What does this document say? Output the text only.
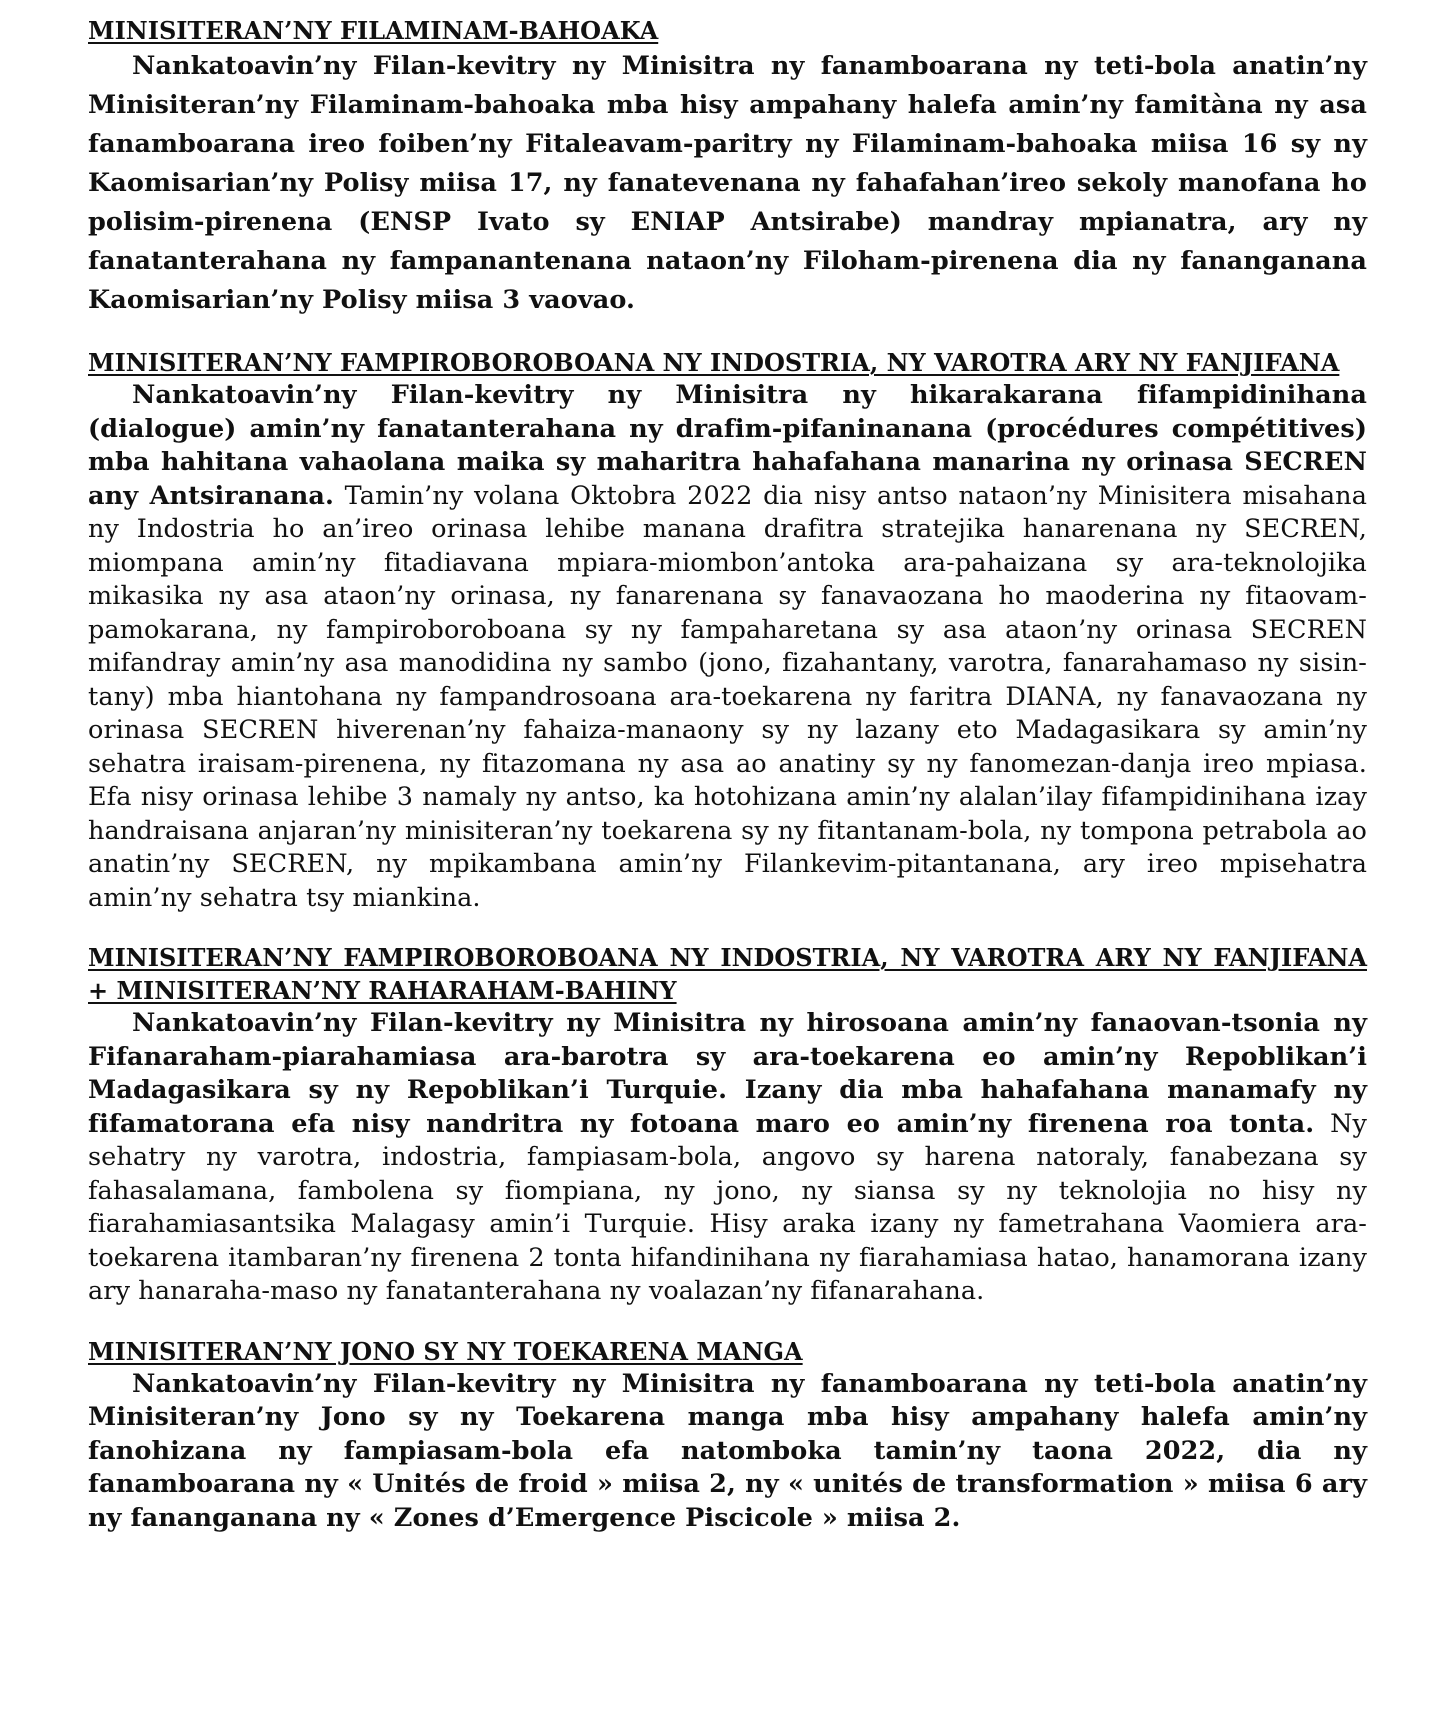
MINISITERAN’NY FILAMINAM-BAHOAKA

Nankatoavin’ny Filan-kevitry ny Minisitra ny fanamboarana ny teti-bola anatin’ny Minisiteran’ny Filaminam-bahoaka mba hisy ampahany halefa amin’ny famitàna ny asa fanamboarana ireo foiben’ny Fitaleavam-paritry ny Filaminam-bahoaka miisa 16 sy ny Kaomisarian’ny Polisy miisa 17, ny fanatevenana ny fahafahan’ireo sekoly manofana ho polisim-pirenena (ENSP Ivato sy ENIAP Antsirabe) mandray mpianatra, ary ny fanatanterahana ny fampanantenana nataon’ny Filoham-pirenena dia ny fananganana Kaomisarian’ny Polisy miisa 3 vaovao.

MINISITERAN’NY FAMPIROBOROBOANA NY INDOSTRIA, NY VAROTRA ARY NY FANJIFANA

Nankatoavin’ny Filan-kevitry ny Minisitra ny hikarakarana fifampidinihana (dialogue) amin’ny fanatanterahana ny drafim-pifaninanana (procédures compétitives) mba hahitana vahaolana maika sy maharitra hahafahana manarina ny orinasa SECREN any Antsiranana. Tamin’ny volana Oktobra 2022 dia nisy antso nataon’ny Minisitera misahana ny Indostria ho an’ireo orinasa lehibe manana drafitra stratejika hanarenana ny SECREN, miompana amin’ny fitadiavana mpiara-miombon’antoka ara-pahaizana sy ara-teknolojika mikasika ny asa ataon’ny orinasa, ny fanarenana sy fanavaozana ho maoderina ny fitaovam-pamokarana, ny fampiroboroboana sy ny fampaharetana sy asa ataon’ny orinasa SECREN mifandray amin’ny asa manodidina ny sambo (jono, fizahantany, varotra, fanarahamaso ny sisin-tany) mba hiantohana ny fampandrosoana ara-toekarena ny faritra DIANA, ny fanavaozana ny orinasa SECREN hiverenan’ny fahaiza-manaony sy ny lazany eto Madagasikara sy amin’ny sehatra iraisam-pirenena, ny fitazomana ny asa ao anatiny sy ny fanomezan-danja ireo mpiasa. Efa nisy orinasa lehibe 3 namaly ny antso, ka hotohizana amin’ny alalan’ilay fifampidinihana izay handraisana anjaran’ny minisiteran’ny toekarena sy ny fitantanam-bola, ny tompona petrabola ao anatin’ny SECREN, ny mpikambana amin’ny Filankevim-pitantanana, ary ireo mpisehatra amin’ny sehatra tsy miankina.

MINISITERAN’NY FAMPIROBOROBOANA NY INDOSTRIA, NY VAROTRA ARY NY FANJIFANA + MINISITERAN’NY RAHARAHAM-BAHINY

Nankatoavin’ny Filan-kevitry ny Minisitra ny hirosoana amin’ny fanaovan-tsonia ny Fifanaraham-piarahamiasa ara-barotra sy ara-toekarena eo amin’ny Repoblikan’i Madagasikara sy ny Repoblikan’i Turquie. Izany dia mba hahafahana manamafy ny fifamatorana efa nisy nandritra ny fotoana maro eo amin’ny firenena roa tonta. Ny sehatry ny varotra, indostria, fampiasam-bola, angovo sy harena natoraly, fanabezana sy fahasalamana, fambolena sy fiompiana, ny jono, ny siansa sy ny teknolojia no hisy ny fiarahamiasantsika Malagasy amin’i Turquie. Hisy araka izany ny fametrahana Vaomiera ara-toekarena itambaran’ny firenena 2 tonta hifandinihana ny fiarahamiasa hatao, hanamorana izany ary hanaraha-maso ny fanatanterahana ny voalazan’ny fifanarahana.

MINISITERAN’NY JONO SY NY TOEKARENA MANGA

Nankatoavin’ny Filan-kevitry ny Minisitra ny fanamboarana ny teti-bola anatin’ny Minisiteran’ny Jono sy ny Toekarena manga mba hisy ampahany halefa amin’ny fanohizana ny fampiasam-bola efa natomboka tamin’ny taona 2022, dia ny fanamboarana ny « Unités de froid » miisa 2, ny « unités de transformation » miisa 6 ary ny fananganana ny « Zones d’Emergence Piscicole » miisa 2.
